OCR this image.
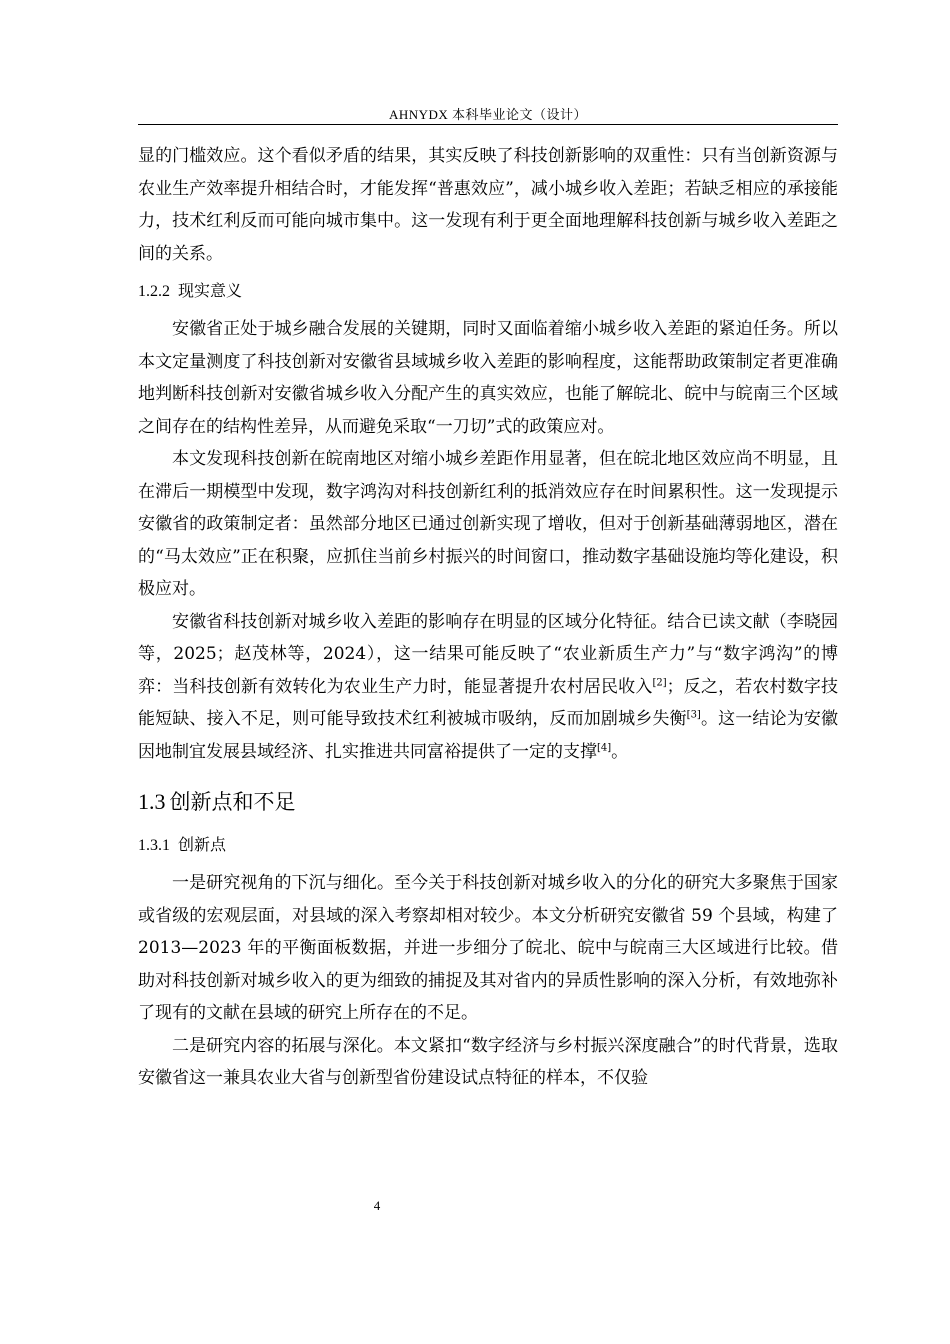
AHNYDX 本科毕业论文（设计）

显的门槛效应。这个看似矛盾的结果，其实反映了科技创新影响的双重性：只有当创新资源与农业生产效率提升相结合时，才能发挥“普惠效应”，减小城乡收入差距；若缺乏相应的承接能力，技术红利反而可能向城市集中。这一发现有利于更全面地理解科技创新与城乡收入差距之间的关系。

1.2.2 现实意义

安徽省正处于城乡融合发展的关键期，同时又面临着缩小城乡收入差距的紧迫任务。所以本文定量测度了科技创新对安徽省县域城乡收入差距的影响程度，这能帮助政策制定者更准确地判断科技创新对安徽省城乡收入分配产生的真实效应，也能了解皖北、皖中与皖南三个区域之间存在的结构性差异，从而避免采取“一刀切”式的政策应对。

本文发现科技创新在皖南地区对缩小城乡差距作用显著，但在皖北地区效应尚不明显，且在滞后一期模型中发现，数字鸿沟对科技创新红利的抵消效应存在时间累积性。这一发现提示安徽省的政策制定者：虽然部分地区已通过创新实现了增收，但对于创新基础薄弱地区，潜在的“马太效应”正在积聚，应抓住当前乡村振兴的时间窗口，推动数字基础设施均等化建设，积极应对。

安徽省科技创新对城乡收入差距的影响存在明显的区域分化特征。结合已读文献（李晓园等，2025；赵茂林等，2024），这一结果可能反映了“农业新质生产力”与“数字鸿沟”的博弈：当科技创新有效转化为农业生产力时，能显著提升农村居民收入[2]；反之，若农村数字技能短缺、接入不足，则可能导致技术红利被城市吸纳，反而加剧城乡失衡[3]。这一结论为安徽因地制宜发展县域经济、扎实推进共同富裕提供了一定的支撑[4]。

1.3 创新点和不足
1.3.1 创新点

一是研究视角的下沉与细化。至今关于科技创新对城乡收入的分化的研究大多聚焦于国家或省级的宏观层面，对县域的深入考察却相对较少。本文分析研究安徽省 59 个县域，构建了 2013—2023 年的平衡面板数据，并进一步细分了皖北、皖中与皖南三大区域进行比较。借助对科技创新对城乡收入的更为细致的捕捉及其对省内的异质性影响的深入分析，有效地弥补了现有的文献在县域的研究上所存在的不足。

二是研究内容的拓展与深化。本文紧扣“数字经济与乡村振兴深度融合”的时代背景，选取安徽省这一兼具农业大省与创新型省份建设试点特征的样本，不仅验

4
